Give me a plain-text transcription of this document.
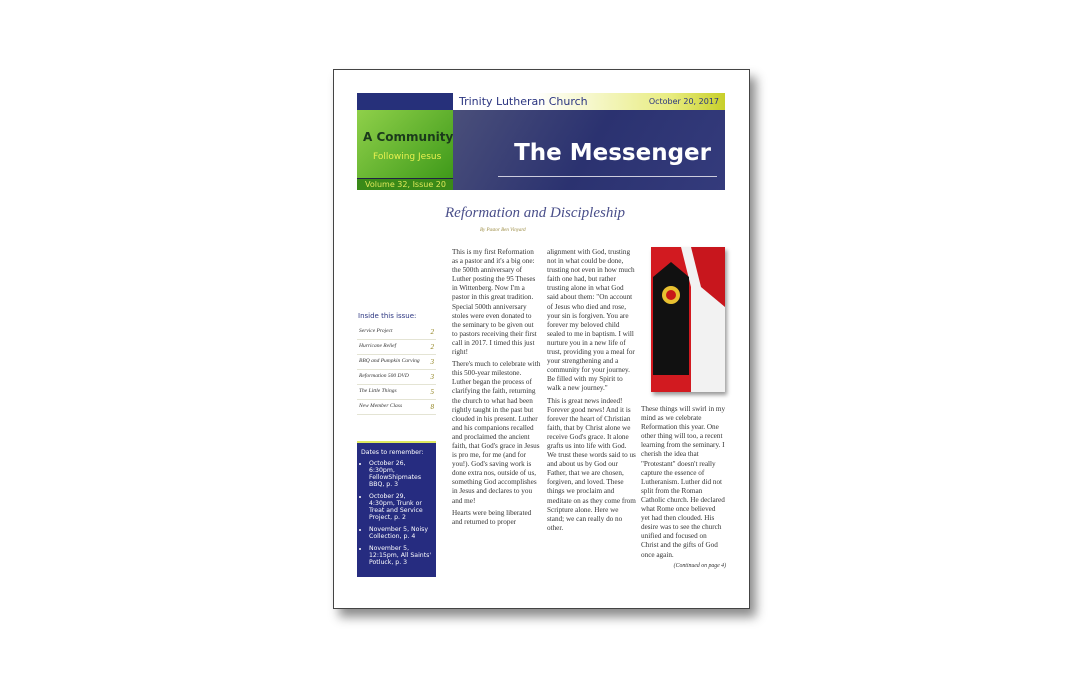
Trinity Lutheran Church	October 20, 2017
A Community
Following Jesus	The Messenger
Volume 32, Issue 20
Reformation and Discipleship
By Pastor Ben Vinyard
Inside this issue:
Service Project	2
Hurricane Relief	2
BBQ and Pumpkin Carving	3
Reformation 500 DVD	3
The Little Things	5
New Member Class	8
Dates to remember:
• October 26, 6:30pm, FellowShipmates BBQ, p. 3
• October 29, 4:30pm, Trunk or Treat and Service Project, p. 2
• November 5, Noisy Collection, p. 4
• November 5, 12:15pm, All Saints' Potluck, p. 3

This is my first Reformation as a pastor and it's a big one: the 500th anniversary of Luther posting the 95 Theses in Wittenberg. Now I'm a pastor in this great tradition. Special 500th anniversary stoles were even donated to the seminary to be given out to pastors receiving their first call in 2017. I timed this just right!

There's much to celebrate with this 500-year milestone. Luther began the process of clarifying the faith, returning the church to what had been rightly taught in the past but clouded in his present. Luther and his companions recalled and proclaimed the ancient faith, that God's grace in Jesus is pro me, for me (and for you!). God's saving work is done extra nos, outside of us, something God accomplishes in Jesus and declares to you and me!

Hearts were being liberated and returned to proper

alignment with God, trusting not in what could be done, trusting not even in how much faith one had, but rather trusting alone in what God said about them: "On account of Jesus who died and rose, your sin is forgiven. You are forever my beloved child sealed to me in baptism. I will nurture you in a new life of trust, providing you a meal for your strengthening and a community for your journey. Be filled with my Spirit to walk a new journey."

This is great news indeed! Forever good news! And it is forever the heart of Christian faith, that by Christ alone we receive God's grace. It alone grafts us into life with God. We trust these words said to us and about us by God our Father, that we are chosen, forgiven, and loved. These things we proclaim and meditate on as they come from Scripture alone. Here we stand; we can really do no other.

These things will swirl in my mind as we celebrate Reformation this year. One other thing will too, a recent learning from the seminary. I cherish the idea that "Protestant" doesn't really capture the essence of Lutheranism. Luther did not split from the Roman Catholic church. He declared what Rome once believed yet had then clouded. His desire was to see the church unified and focused on Christ and the gifts of God once again.

(Continued on page 4)
